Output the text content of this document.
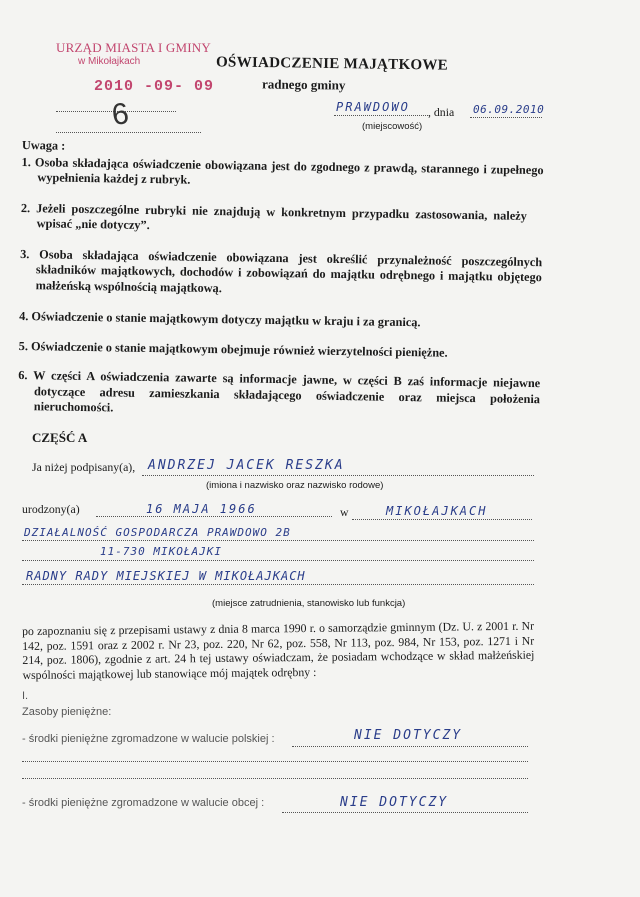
URZĄD MIASTA I GMINY
w Mikołajkach
2010 -09- 09
6
OŚWIADCZENIE MAJĄTKOWE
radnego gminy
PRAWDOWO , dnia 06.09.2010
(miejscowość)
Uwaga :
1. Osoba składająca oświadczenie obowiązana jest do zgodnego z prawdą, starannego i zupełnego wypełnienia każdej z rubryk.
2. Jeżeli poszczególne rubryki nie znajdują w konkretnym przypadku zastosowania, należy wpisać „nie dotyczy”.
3. Osoba składająca oświadczenie obowiązana jest określić przynależność poszczególnych składników majątkowych, dochodów i zobowiązań do majątku odrębnego i majątku objętego małżeńską wspólnością majątkową.
4. Oświadczenie o stanie majątkowym dotyczy majątku w kraju i za granicą.
5. Oświadczenie o stanie majątkowym obejmuje również wierzytelności pieniężne.
6. W części A oświadczenia zawarte są informacje jawne, w części B zaś informacje niejawne dotyczące adresu zamieszkania składającego oświadczenie oraz miejsca położenia nieruchomości.
CZĘŚĆ A
Ja niżej podpisany(a), ANDRZEJ JACEK RESZKA
(imiona i nazwisko oraz nazwisko rodowe)
urodzony(a)	16 MAJA 1966	w	MIKOŁAJKACH
DZIAŁALNOŚĆ GOSPODARCZA PRAWDOWO 2B
11-730 MIKOŁAJKI
RADNY RADY MIEJSKIEJ W MIKOŁAJKACH
(miejsce zatrudnienia, stanowisko lub funkcja)
po zapoznaniu się z przepisami ustawy z dnia 8 marca 1990 r. o samorządzie gminnym (Dz. U. z 2001 r. Nr 142, poz. 1591 oraz z 2002 r. Nr 23, poz. 220, Nr 62, poz. 558, Nr 113, poz. 984, Nr 153, poz. 1271 i Nr 214, poz. 1806), zgodnie z art. 24 h tej ustawy oświadczam, że posiadam wchodzące w skład małżeńskiej wspólności majątkowej lub stanowiące mój majątek odrębny :
I.
Zasoby pieniężne:
- środki pieniężne zgromadzone w walucie polskiej :	NIE DOTYCZY
- środki pieniężne zgromadzone w walucie obcej :	NIE DOTYCZY
